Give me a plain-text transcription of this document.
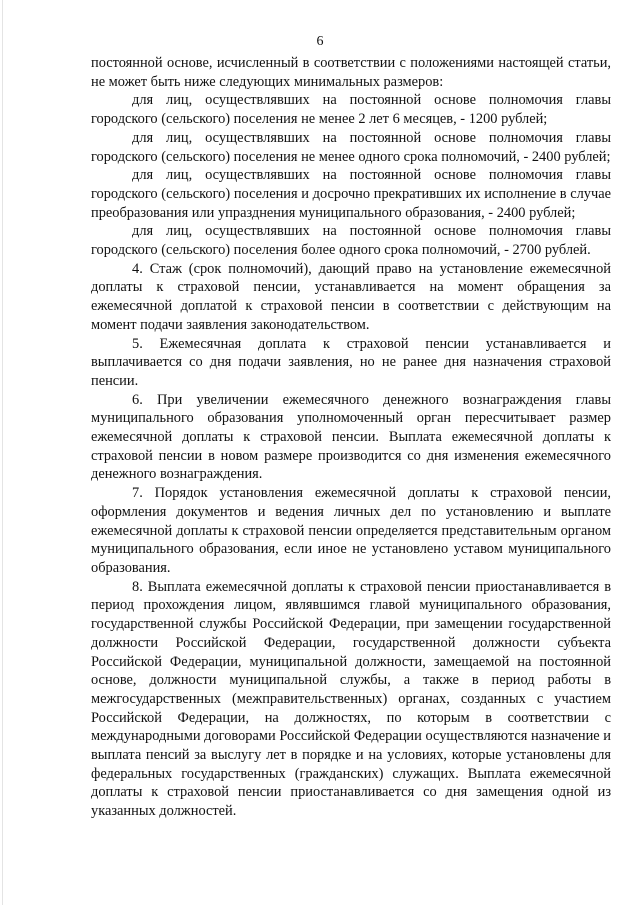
6

постоянной основе, исчисленный в соответствии с положениями настоящей статьи, не может быть ниже следующих минимальных размеров:

для лиц, осуществлявших на постоянной основе полномочия главы городского (сельского) поселения не менее 2 лет 6 месяцев, - 1200 рублей;

для лиц, осуществлявших на постоянной основе полномочия главы городского (сельского) поселения не менее одного срока полномочий, - 2400 рублей;

для лиц, осуществлявших на постоянной основе полномочия главы городского (сельского) поселения и досрочно прекративших их исполнение в случае преобразования или упразднения муниципального образования, - 2400 рублей;

для лиц, осуществлявших на постоянной основе полномочия главы городского (сельского) поселения более одного срока полномочий, - 2700 рублей.

4. Стаж (срок полномочий), дающий право на установление ежемесячной доплаты к страховой пенсии, устанавливается на момент обращения за ежемесячной доплатой к страховой пенсии в соответствии с действующим на момент подачи заявления законодательством.

5. Ежемесячная доплата к страховой пенсии устанавливается и выплачивается со дня подачи заявления, но не ранее дня назначения страховой пенсии.

6. При увеличении ежемесячного денежного вознаграждения главы муниципального образования уполномоченный орган пересчитывает размер ежемесячной доплаты к страховой пенсии. Выплата ежемесячной доплаты к страховой пенсии в новом размере производится со дня изменения ежемесячного денежного вознаграждения.

7. Порядок установления ежемесячной доплаты к страховой пенсии, оформления документов и ведения личных дел по установлению и выплате ежемесячной доплаты к страховой пенсии определяется представительным органом муниципального образования, если иное не установлено уставом муниципального образования.

8. Выплата ежемесячной доплаты к страховой пенсии приостанавливается в период прохождения лицом, являвшимся главой муниципального образования, государственной службы Российской Федерации, при замещении государственной должности Российской Федерации, государственной должности субъекта Российской Федерации, муниципальной должности, замещаемой на постоянной основе, должности муниципальной службы, а также в период работы в межгосударственных (межправительственных) органах, созданных с участием Российской Федерации, на должностях, по которым в соответствии с международными договорами Российской Федерации осуществляются назначение и выплата пенсий за выслугу лет в порядке и на условиях, которые установлены для федеральных государственных (гражданских) служащих. Выплата ежемесячной доплаты к страховой пенсии приостанавливается со дня замещения одной из указанных должностей.
